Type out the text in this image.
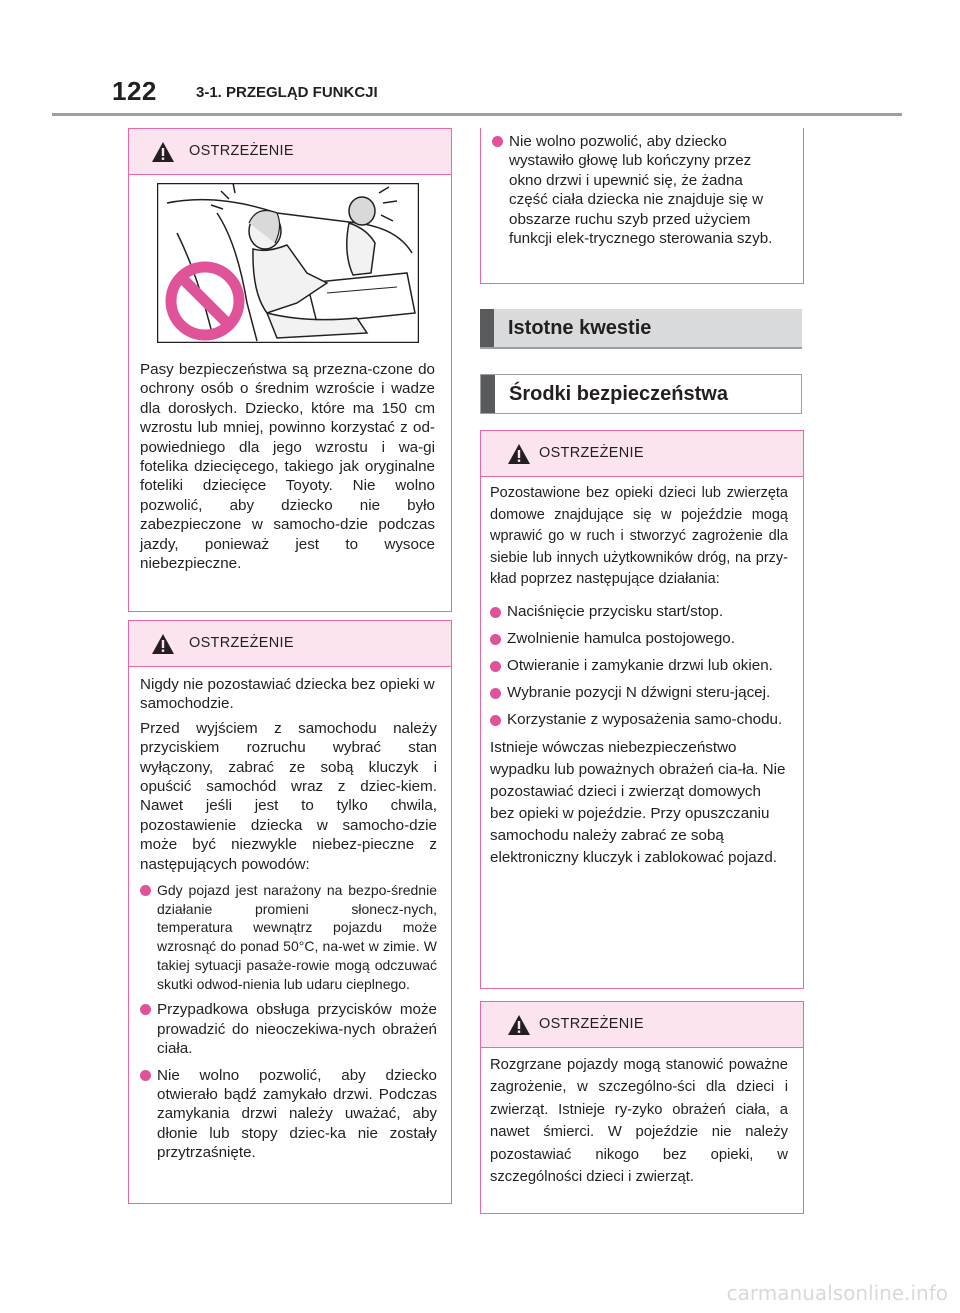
122	3-1. PRZEGLĄD FUNKCJI
OSTRZEŻENIE
Pasy bezpieczeństwa są przezna-czone do ochrony osób o średnim wzroście i wadze dla dorosłych. Dziecko, które ma 150 cm wzrostu lub mniej, powinno korzystać z od-powiedniego dla jego wzrostu i wa-gi fotelika dziecięcego, takiego jak oryginalne foteliki dziecięce Toyoty. Nie wolno pozwolić, aby dziecko nie było zabezpieczone w samocho-dzie podczas jazdy, ponieważ jest to wysoce niebezpieczne.
OSTRZEŻENIE

Nigdy nie pozostawiać dziecka bez opieki w samochodzie.

Przed wyjściem z samochodu należy przyciskiem rozruchu wybrać stan wyłączony, zabrać ze sobą kluczyk i opuścić samochód wraz z dziec-kiem. Nawet jeśli jest to tylko chwila, pozostawienie dziecka w samocho-dzie może być niezwykle niebez-pieczne z następujących powodów:

Gdy pojazd jest narażony na bezpo-średnie działanie promieni słonecz-nych, temperatura wewnątrz pojazdu może wzrosnąć do ponad 50°C, na-wet w zimie. W takiej sytuacji pasaże-rowie mogą odczuwać skutki odwod-nienia lub udaru cieplnego.
Przypadkowa obsługa przycisków może prowadzić do nieoczekiwa-nych obrażeń ciała.
Nie wolno pozwolić, aby dziecko otwierało bądź zamykało drzwi. Podczas zamykania drzwi należy uważać, aby dłonie lub stopy dziec-ka nie zostały przytrzaśnięte.
Nie wolno pozwolić, aby dziecko wystawiło głowę lub kończyny przez okno drzwi i upewnić się, że żadna część ciała dziecka nie znajduje się w obszarze ruchu szyb przed użyciem funkcji elek-trycznego sterowania szyb.
Istotne kwestie
Środki bezpieczeństwa
OSTRZEŻENIE

Pozostawione bez opieki dzieci lub zwierzęta domowe znajdujące się w pojeździe mogą wprawić go w ruch i stworzyć zagrożenie dla siebie lub innych użytkowników dróg, na przy-kład poprzez następujące działania:

Naciśnięcie przycisku start/stop.
Zwolnienie hamulca postojowego.
Otwieranie i zamykanie drzwi lub okien.
Wybranie pozycji N dźwigni steru-jącej.
Korzystanie z wyposażenia samo-chodu.

Istnieje wówczas niebezpieczeństwo wypadku lub poważnych obrażeń cia-ła. Nie pozostawiać dzieci i zwierząt domowych bez opieki w pojeździe. Przy opuszczaniu samochodu należy zabrać ze sobą elektroniczny kluczyk i zablokować pojazd.

OSTRZEŻENIE
Rozgrzane pojazdy mogą stanowić poważne zagrożenie, w szczególno-ści dla dzieci i zwierząt. Istnieje ry-zyko obrażeń ciała, a nawet śmierci. W pojeździe nie należy pozostawiać nikogo bez opieki, w szczególności dzieci i zwierząt.
carmanualsonline.info
